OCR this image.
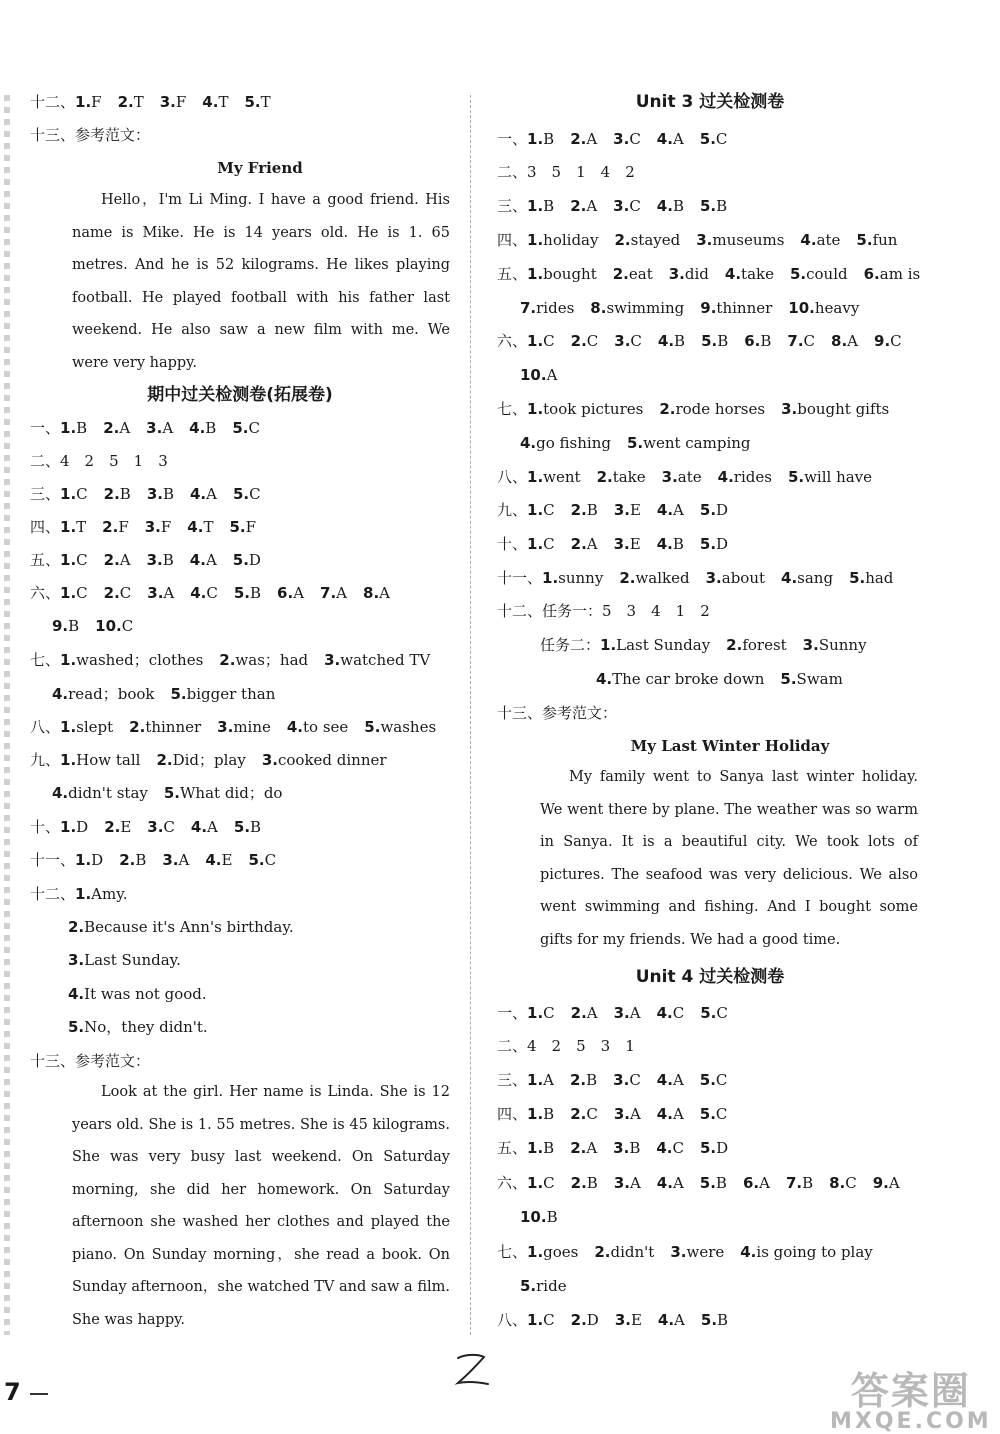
十二、1.F 2.T 3.F 4.T 5.T
十三、参考范文：
My Friend
Hello，I'm Li Ming. I have a good friend. His name is Mike. He is 14 years old. He is 1. 65 metres. And he is 52 kilograms. He likes playing football. He played football with his father last weekend. He also saw a new film with me. We were very happy.
期中过关检测卷(拓展卷)
一、1.B 2.A 3.A 4.B 5.C
二、4　2　5　1　3
三、1.C 2.B 3.B 4.A 5.C
四、1.T 2.F 3.F 4.T 5.F
五、1.C 2.A 3.B 4.A 5.D
六、1.C 2.C 3.A 4.C 5.B 6.A 7.A 8.A
9.B 10.C
七、1.washed；clothes 2.was；had 3.watched TV
4.read；book 5.bigger than
八、1.slept 2.thinner 3.mine 4.to see 5.washes
九、1.How tall 2.Did；play 3.cooked dinner
4.didn't stay 5.What did；do
十、1.D 2.E 3.C 4.A 5.B
十一、1.D 2.B 3.A 4.E 5.C
十二、1.Amy.
2.Because it's Ann's birthday.
3.Last Sunday.
4.It was not good.
5.No，they didn't.
十三、参考范文：
Look at the girl. Her name is Linda. She is 12 years old. She is 1. 55 metres. She is 45 kilograms. She was very busy last weekend. On Saturday morning, she did her homework. On Saturday afternoon she washed her clothes and played the piano. On Sunday morning，she read a book. On Sunday afternoon，she watched TV and saw a film. She was happy.
Unit 3 过关检测卷
一、1.B 2.A 3.C 4.A 5.C
二、3　5　1　4　2
三、1.B 2.A 3.C 4.B 5.B
四、1.holiday 2.stayed 3.museums 4.ate 5.fun
五、1.bought 2.eat 3.did 4.take 5.could 6.am is
7.rides 8.swimming 9.thinner 10.heavy
六、1.C 2.C 3.C 4.B 5.B 6.B 7.C 8.A 9.C
10.A
七、1.took pictures 2.rode horses 3.bought gifts
4.go fishing 5.went camping
八、1.went 2.take 3.ate 4.rides 5.will have
九、1.C 2.B 3.E 4.A 5.D
十、1.C 2.A 3.E 4.B 5.D
十一、1.sunny 2.walked 3.about 4.sang 5.had
十二、任务一：5　3　4　1　2
任务二：1.Last Sunday 2.forest 3.Sunny
4.The car broke down 5.Swam
十三、参考范文：
My Last Winter Holiday
My family went to Sanya last winter holiday. We went there by plane. The weather was so warm in Sanya. It is a beautiful city. We took lots of pictures. The seafood was very delicious. We also went swimming and fishing. And I bought some gifts for my friends. We had a good time.
Unit 4 过关检测卷
一、1.C 2.A 3.A 4.C 5.C
二、4　2　5　3　1
三、1.A 2.B 3.C 4.A 5.C
四、1.B 2.C 3.A 4.A 5.C
五、1.B 2.A 3.B 4.C 5.D
六、1.C 2.B 3.A 4.A 5.B 6.A 7.B 8.C 9.A
10.B
七、1.goes 2.didn't 3.were 4.is going to play
5.ride
八、1.C 2.D 3.E 4.A 5.B
7	答案圈
MXQE.COM
